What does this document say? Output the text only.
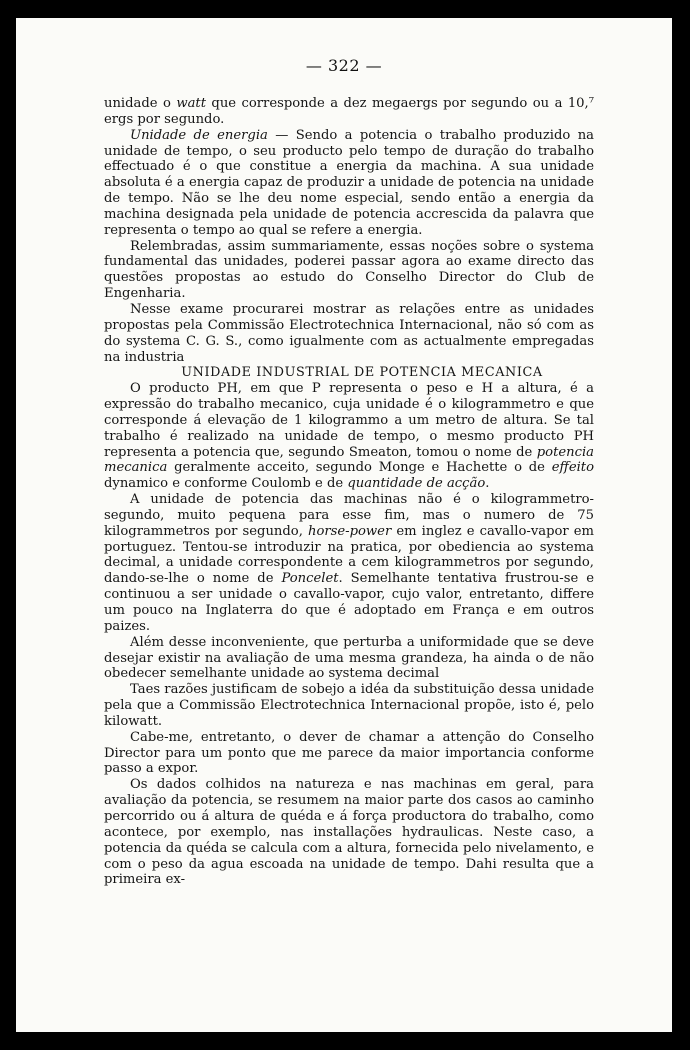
— 322 —

unidade o watt que corresponde a dez megaergs por segundo ou a 10,⁷ ergs por segundo.

Unidade de energia — Sendo a potencia o trabalho produzido na unidade de tempo, o seu producto pelo tempo de duração do trabalho effectuado é o que constitue a energia da machina. A sua unidade absoluta é a energia capaz de produzir a unidade de potencia na unidade de tempo. Não se lhe deu nome especial, sendo então a energia da machina designada pela unidade de potencia accrescida da palavra que representa o tempo ao qual se refere a energia.

Relembradas, assim summariamente, essas noções sobre o systema fundamental das unidades, poderei passar agora ao exame directo das questões propostas ao estudo do Conselho Director do Club de Engenharia.

Nesse exame procurarei mostrar as relações entre as unidades propostas pela Commissão Electrotechnica Internacional, não só com as do systema C. G. S., como igualmente com as actualmente empregadas na industria

UNIDADE INDUSTRIAL DE POTENCIA MECANICA

O producto PH, em que P representa o peso e H a altura, é a expressão do trabalho mecanico, cuja unidade é o kilogrammetro e que corresponde á elevação de 1 kilogrammo a um metro de altura. Se tal trabalho é realizado na unidade de tempo, o mesmo producto PH representa a potencia que, segundo Smeaton, tomou o nome de potencia mecanica geralmente acceito, segundo Monge e Hachette o de effeito dynamico e conforme Coulomb e de quantidade de acção.

A unidade de potencia das machinas não é o kilogrammetro-segundo, muito pequena para esse fim, mas o numero de 75 kilogrammetros por segundo, horse-power em inglez e cavallo-vapor em portuguez. Tentou-se introduzir na pratica, por obediencia ao systema decimal, a unidade correspondente a cem kilogrammetros por segundo, dando-se-lhe o nome de Poncelet. Semelhante tentativa frustrou-se e continuou a ser unidade o cavallo-vapor, cujo valor, entretanto, differe um pouco na Inglaterra do que é adoptado em França e em outros paizes.

Além desse inconveniente, que perturba a uniformidade que se deve desejar existir na avaliação de uma mesma grandeza, ha ainda o de não obedecer semelhante unidade ao systema decimal

Taes razões justificam de sobejo a idéa da substituição dessa unidade pela que a Commissão Electrotechnica Internacional propõe, isto é, pelo kilowatt.

Cabe-me, entretanto, o dever de chamar a attenção do Conselho Director para um ponto que me parece da maior importancia conforme passo a expor.

Os dados colhidos na natureza e nas machinas em geral, para avaliação da potencia, se resumem na maior parte dos casos ao caminho percorrido ou á altura de quéda e á força productora do trabalho, como acontece, por exemplo, nas installações hydraulicas. Neste caso, a potencia da quéda se calcula com a altura, fornecida pelo nivelamento, e com o peso da agua escoada na unidade de tempo. Dahi resulta que a primeira ex-
